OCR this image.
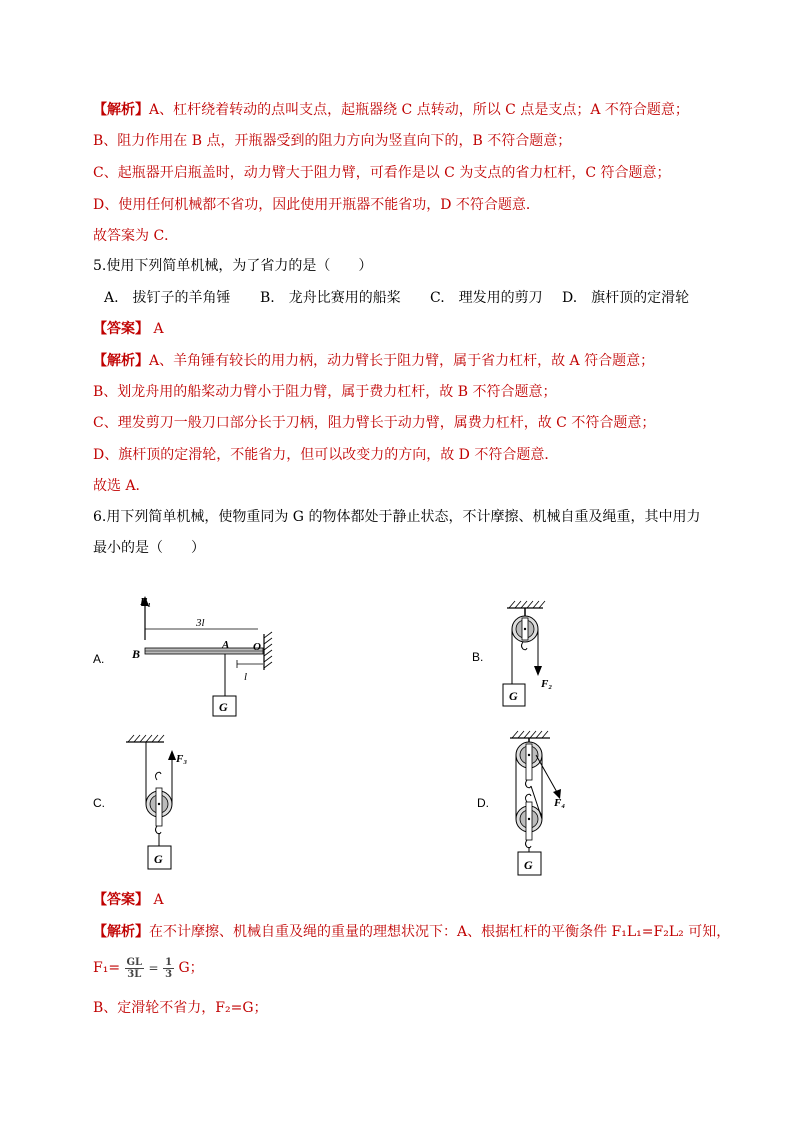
【解析】A、杠杆绕着转动的点叫支点，起瓶器绕 C 点转动，所以 C 点是支点；A 不符合题意；
B、阻力作用在 B 点，开瓶器受到的阻力方向为竖直向下的，B 不符合题意；
C、起瓶器开启瓶盖时，动力臂大于阻力臂，可看作是以 C 为支点的省力杠杆，C 符合题意；
D、使用任何机械都不省功，因此使用开瓶器不能省功，D 不符合题意．
故答案为 C．
5.使用下列简单机械，为了省力的是（　　）
A.　拔钉子的羊角锤 B.　龙舟比赛用的船桨 C.　理发用的剪刀 D.　旗杆顶的定滑轮
【答案】 A
【解析】A、羊角锤有较长的用力柄，动力臂长于阻力臂，属于省力杠杆，故 A 符合题意；
B、划龙舟用的船桨动力臂小于阻力臂，属于费力杠杆，故 B 不符合题意；
C、理发剪刀一般刀口部分长于刀柄，阻力臂长于动力臂，属费力杠杆，故 C 不符合题意；
D、旗杆顶的定滑轮，不能省力，但可以改变力的方向，故 D 不符合题意．
故选 A．
6.用下列简单机械，使物重同为 G 的物体都处于静止状态，不计摩擦、机械自重及绳重，其中用力
最小的是（　　）
A.	B.
C.	D.
F₁
3l
B
A O
l
G
F₂
G
F₃
G
F₄
G
【答案】 A
【解析】在不计摩擦、机械自重及绳的重量的理想状况下：A、根据杠杆的平衡条件 F₁L₁=F₂L₂ 可知，
$F_1= \frac{GL}{3L} = \frac{1}{3}$ G；
B、定滑轮不省力，F₂=G；
